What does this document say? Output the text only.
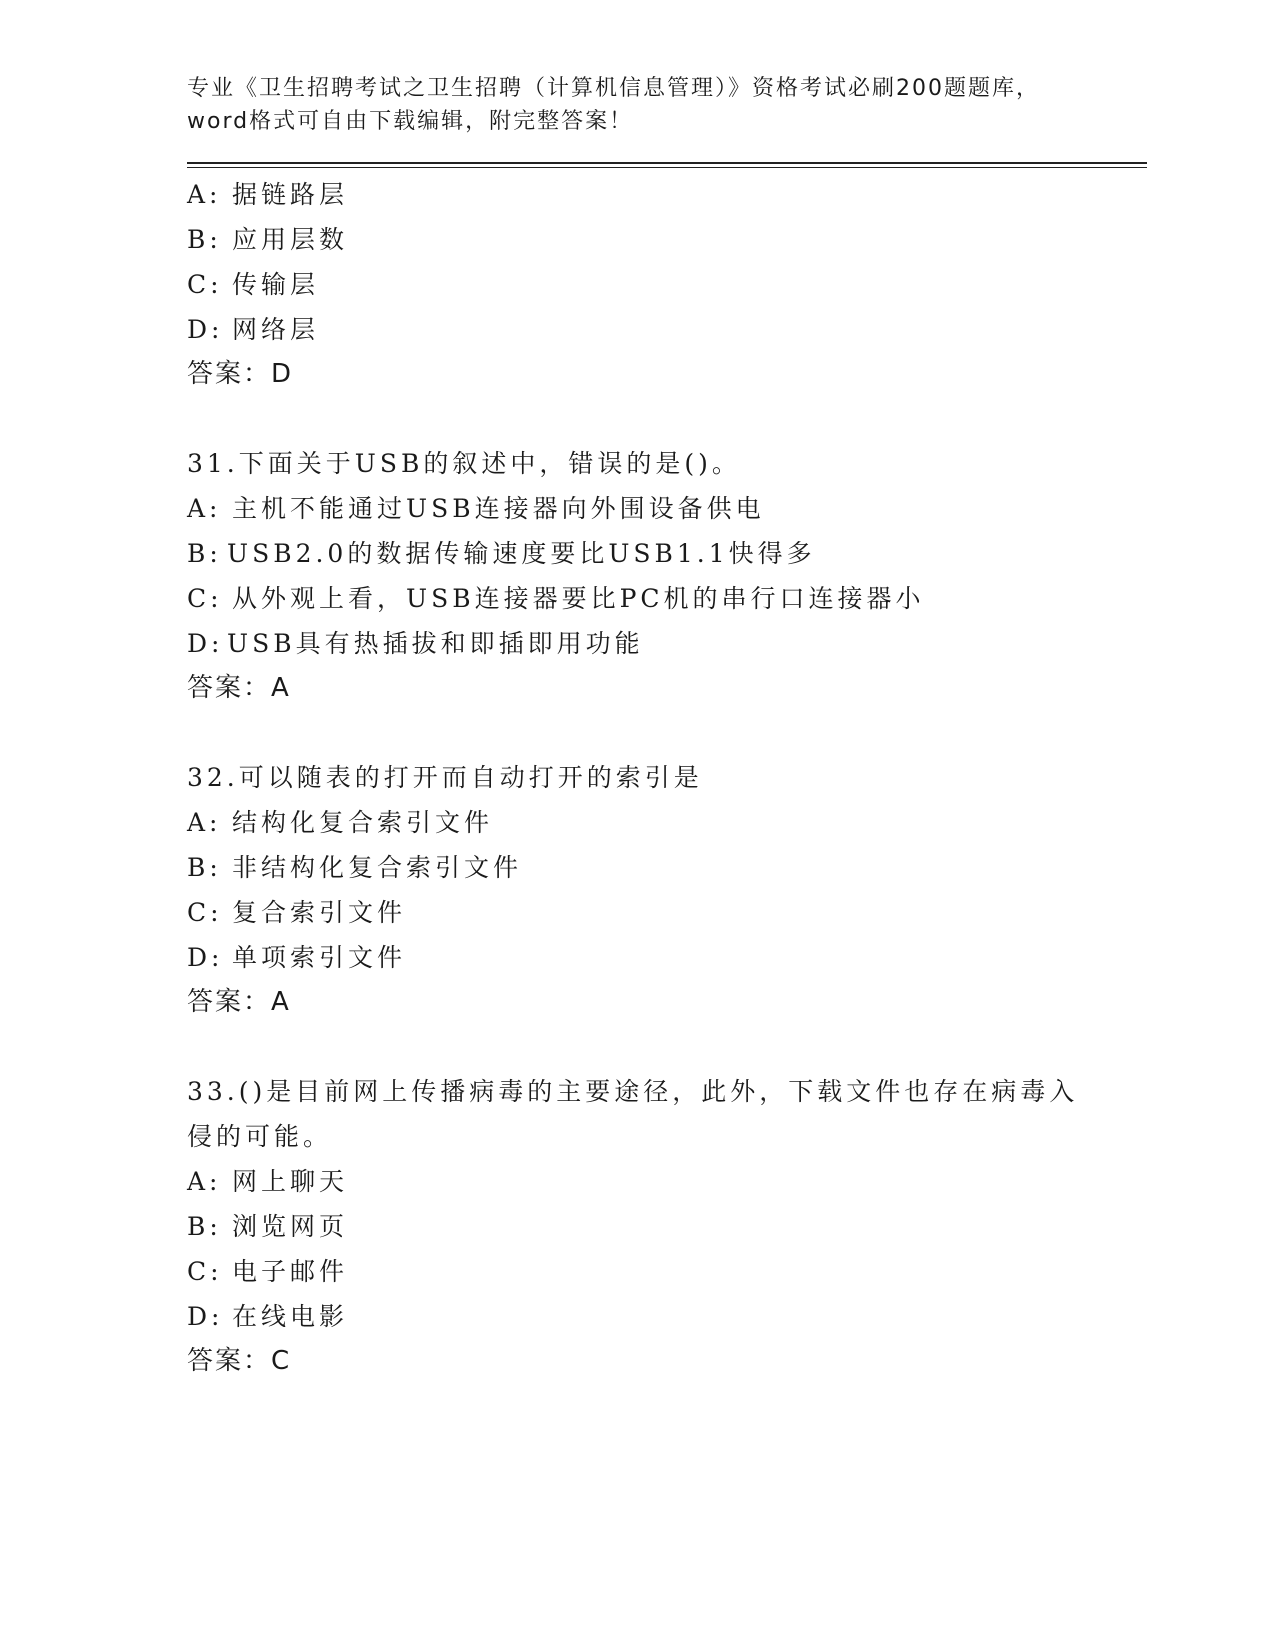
专业《卫生招聘考试之卫生招聘（计算机信息管理）》资格考试必刷200题题库，
word格式可自由下载编辑，附完整答案！
A: 据链路层
B: 应用层数
C: 传输层
D: 网络层
答案：D
31.下面关于USB的叙述中，错误的是()。
A: 主机不能通过USB连接器向外围设备供电
B: USB2.0的数据传输速度要比USB1.1快得多
C: 从外观上看，USB连接器要比PC机的串行口连接器小
D: USB具有热插拔和即插即用功能
答案：A
32.可以随表的打开而自动打开的索引是
A: 结构化复合索引文件
B: 非结构化复合索引文件
C: 复合索引文件
D: 单项索引文件
答案：A
33.()是目前网上传播病毒的主要途径，此外，下载文件也存在病毒入
侵的可能。
A: 网上聊天
B: 浏览网页
C: 电子邮件
D: 在线电影
答案：C
